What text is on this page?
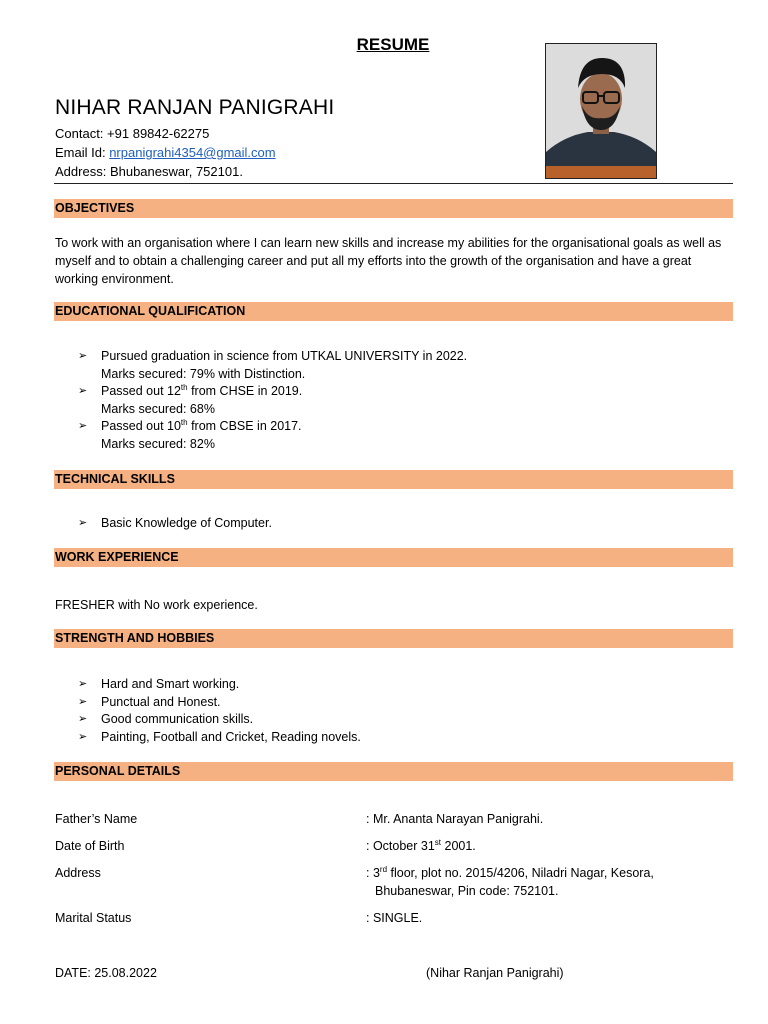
RESUME
NIHAR RANJAN PANIGRAHI
Contact: +91 89842-62275
Email Id: nrpanigrahi4354@gmail.com
Address: Bhubaneswar, 752101.
OBJECTIVES
To work with an organisation where I can learn new skills and increase my abilities for the organisational goals as well as myself and to obtain a challenging career and put all my efforts into the growth of the organisation and have a great working environment.
EDUCATIONAL QUALIFICATION
➢ Pursued graduation in science from UTKAL UNIVERSITY in 2022.
Marks secured: 79% with Distinction.
➢ Passed out 12th from CHSE in 2019.
Marks secured: 68%
➢ Passed out 10th from CBSE in 2017.
Marks secured: 82%
TECHNICAL SKILLS
➢ Basic Knowledge of Computer.
WORK EXPERIENCE
FRESHER with No work experience.
STRENGTH AND HOBBIES
➢ Hard and Smart working.
➢ Punctual and Honest.
➢ Good communication skills.
➢ Painting, Football and Cricket, Reading novels.
PERSONAL DETAILS
Father’s Name	: Mr. Ananta Narayan Panigrahi.
Date of Birth	: October 31st 2001.
Address	: 3rd floor, plot no. 2015/4206, Niladri Nagar, Kesora,
Bhubaneswar, Pin code: 752101.
Marital Status	: SINGLE.
DATE: 25.08.2022	(Nihar Ranjan Panigrahi)
